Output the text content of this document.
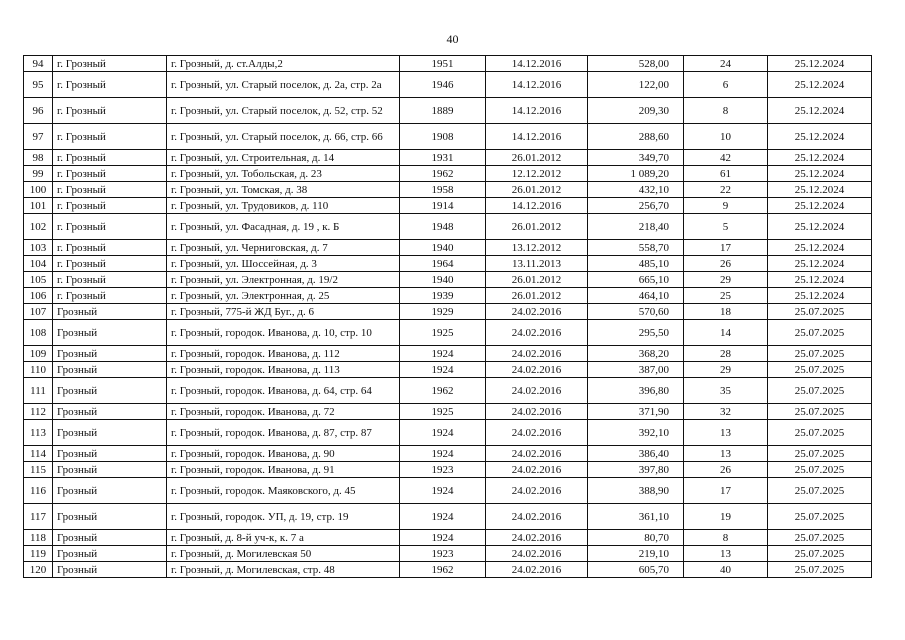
40
94	г. Грозный	г. Грозный, д. ст.Алды,2	1951	14.12.2016	528,00	24	25.12.2024
95	г. Грозный	г. Грозный, ул. Старый поселок, д. 2а, стр. 2а	1946	14.12.2016	122,00	6	25.12.2024
96	г. Грозный	г. Грозный, ул. Старый поселок, д. 52, стр. 52	1889	14.12.2016	209,30	8	25.12.2024
97	г. Грозный	г. Грозный, ул. Старый поселок, д. 66, стр. 66	1908	14.12.2016	288,60	10	25.12.2024
98	г. Грозный	г. Грозный, ул. Строительная, д. 14	1931	26.01.2012	349,70	42	25.12.2024
99	г. Грозный	г. Грозный, ул. Тобольская, д. 23	1962	12.12.2012	1 089,20	61	25.12.2024
100	г. Грозный	г. Грозный, ул. Томская, д. 38	1958	26.01.2012	432,10	22	25.12.2024
101	г. Грозный	г. Грозный, ул. Трудовиков, д. 110	1914	14.12.2016	256,70	9	25.12.2024
102	г. Грозный	г. Грозный, ул. Фасадная, д. 19 , к. Б	1948	26.01.2012	218,40	5	25.12.2024
103	г. Грозный	г. Грозный, ул. Черниговская, д. 7	1940	13.12.2012	558,70	17	25.12.2024
104	г. Грозный	г. Грозный, ул. Шоссейная, д. 3	1964	13.11.2013	485,10	26	25.12.2024
105	г. Грозный	г. Грозный, ул. Электронная, д. 19/2	1940	26.01.2012	665,10	29	25.12.2024
106	г. Грозный	г. Грозный, ул. Электронная, д. 25	1939	26.01.2012	464,10	25	25.12.2024
107	Грозный	г. Грозный, 775-й ЖД Буг., д. 6	1929	24.02.2016	570,60	18	25.07.2025
108	Грозный	г. Грозный, городок. Иванова, д. 10, стр. 10	1925	24.02.2016	295,50	14	25.07.2025
109	Грозный	г. Грозный, городок. Иванова, д. 112	1924	24.02.2016	368,20	28	25.07.2025
110	Грозный	г. Грозный, городок. Иванова, д. 113	1924	24.02.2016	387,00	29	25.07.2025
111	Грозный	г. Грозный, городок. Иванова, д. 64, стр. 64	1962	24.02.2016	396,80	35	25.07.2025
112	Грозный	г. Грозный, городок. Иванова, д. 72	1925	24.02.2016	371,90	32	25.07.2025
113	Грозный	г. Грозный, городок. Иванова, д. 87, стр. 87	1924	24.02.2016	392,10	13	25.07.2025
114	Грозный	г. Грозный, городок. Иванова, д. 90	1924	24.02.2016	386,40	13	25.07.2025
115	Грозный	г. Грозный, городок. Иванова, д. 91	1923	24.02.2016	397,80	26	25.07.2025
116	Грозный	г. Грозный, городок. Маяковского, д. 45	1924	24.02.2016	388,90	17	25.07.2025
117	Грозный	г. Грозный, городок. УП, д. 19, стр. 19	1924	24.02.2016	361,10	19	25.07.2025
118	Грозный	г. Грозный, д. 8-й уч-к, к. 7 а	1924	24.02.2016	80,70	8	25.07.2025
119	Грозный	г. Грозный, д. Могилевская 50	1923	24.02.2016	219,10	13	25.07.2025
120	Грозный	г. Грозный, д. Могилевская, стр. 48	1962	24.02.2016	605,70	40	25.07.2025
